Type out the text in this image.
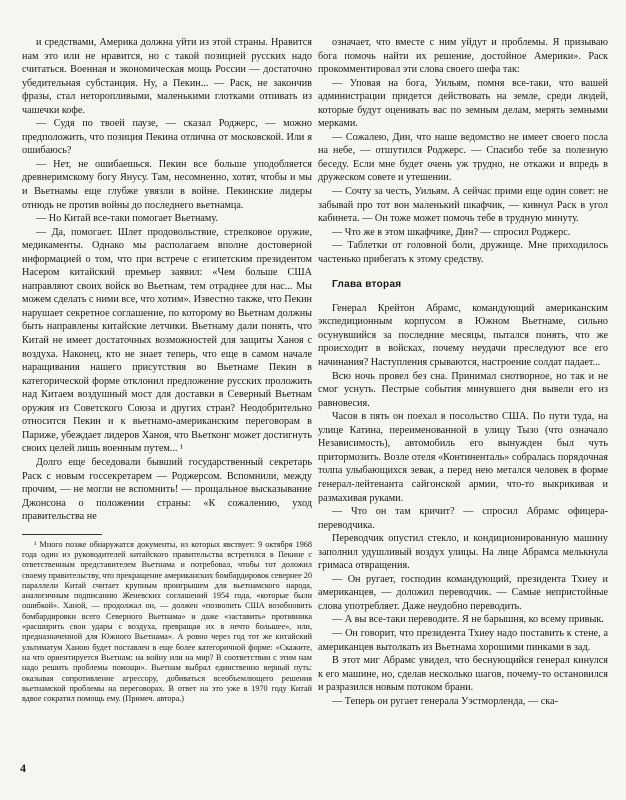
и средствами, Америка должна уйти из этой страны. Нравится нам это или не нравится, но с такой позицией русских надо считаться. Военная и экономическая мощь России — достаточно убедительная субстанция. Ну, а Пекин... — Раск, не закончив фразы, стал неторопливыми, маленькими глотками отпивать из чашечки кофе.

— Судя по твоей паузе, — сказал Роджерс, — можно предположить, что позиция Пекина отлична от московской. Или я ошибаюсь?

— Нет, не ошибаешься. Пекин все больше уподобляется древнеримскому богу Янусу. Там, несомненно, хотят, чтобы и мы и Вьетнамы еще глубже увязли в войне. Пекинские лидеры отнюдь не против войны до последнего вьетнамца.

— Но Китай все-таки помогает Вьетнаму.

— Да, помогает. Шлет продовольствие, стрелковое оружие, медикаменты. Однако мы располагаем вполне достоверной информацией о том, что при встрече с египетским президентом Насером китайский премьер заявил: «Чем больше США направляют своих войск во Вьетнам, тем отраднее для нас... Мы можем сделать с ними все, что хотим». Известно также, что Пекин нарушает секретное соглашение, по которому во Вьетнам должны быть направлены китайские летчики. Вьетнаму дали понять, что Китай не имеет достаточных возможностей для защиты Ханоя с воздуха. Наконец, кто не знает теперь, что еще в самом начале наращивания нашего присутствия во Вьетнаме Пекин в категорической форме отклонил предложение русских проложить над Китаем воздушный мост для доставки в Северный Вьетнам оружия из Советского Союза и других стран? Неодобрительно относится Пекин и к вьетнамо-американским переговорам в Париже, убеждает лидеров Ханоя, что Вьетконг может достигнуть своих целей лишь военным путем... ¹

Долго еще беседовали бывший государственный секретарь Раск с новым госсекретарем — Роджерсом. Вспомнили, между прочим, — не могли не вспомнить! — прощальное высказывание Джонсона о положении страны: «К сожалению, уход правительства не

¹ Много позже обнаружатся документы, из которых явствует: 9 октября 1968 года один из руководителей китайского правительства встретился в Пекине с ответственным представителем Вьетнама и потребовал, чтобы тот доложил своему правительству, что прекращение американских бомбардировок севернее 20 параллели Китай считает крупным проигрышем для вьетнамского народа, аналогичным подписанию Женевских соглашений 1954 года, «которые были ошибкой». Ханой, — продолжал он, — должен «позволить США возобновить бомбардировки всего Северного Вьетнама» и даже «заставить» противника «расширить свои удары с воздуха, превращая их в нечто большее», или, предназначенной для Южного Вьетнама». А ровно через год тот же китайский ультиматум Ханою будет поставлен в еще более категоричной форме: «Скажите, на что ориентируется Вьетнам: на войну или на мир? В соответствии с этим нам надо решить проблемы помощи». Вьетнам выбрал единственно верный путь: оказывая сопротивление агрессору, добиваться всеобъемлющего решения вьетнамской проблемы на переговорах. В ответ на это уже в 1970 году Китай вдвое сократил помощь ему. (Примеч. автора.)

означает, что вместе с ним уйдут и проблемы. Я призываю бога помочь найти их решение, достойное Америки». Раск прокомментировал эти слова своего шефа так:

— Уповая на бога, Уильям, помня все-таки, что вашей администрации придется действовать на земле, среди людей, которые будут оценивать вас по земным делам, мерять земными мерками.

— Сожалею, Дин, что наше ведомство не имеет своего посла на небе, — отшутился Роджерс. — Спасибо тебе за полезную беседу. Если мне будет очень уж трудно, не откажи и впредь в дружеском совете и утешении.

— Сочту за честь, Уильям. А сейчас прими еще один совет: не забывай про тот вон маленький шкафчик, — кивнул Раск в угол кабинета. — Он тоже может помочь тебе в трудную минуту.

— Что же в этом шкафчике, Дин? — спросил Роджерс.

— Таблетки от головной боли, дружище. Мне приходилось частенько прибегать к этому средству.

Глава вторая

Генерал Крейтон Абрамс, командующий американским экспедиционным корпусом в Южном Вьетнаме, сильно осунувшийся за последние месяцы, пытался понять, что же происходит в войсках, почему неудачи преследуют все его начинания? Наступления срываются, настроение солдат падает...

Всю ночь провел без сна. Принимал снотворное, но так и не смог уснуть. Пестрые события минувшего дня вывели его из равновесия.

Часов в пять он поехал в посольство США. По пути туда, на улице Катина, переименованной в улицу Тызо (что означало Независимость), автомобиль его вынужден был чуть притормозить. Возле отеля «Континенталь» собралась порядочная толпа улыбающихся зевак, а перед нею метался человек в форме генерал-лейтенанта сайгонской армии, что-то выкрикивая и размахивая руками.

— Что он там кричит? — спросил Абрамс офицера-переводчика.

Переводчик опустил стекло, и кондиционированную машину заполнил удушливый воздух улицы. На лице Абрамса мелькнула гримаса отвращения.

— Он ругает, господин командующий, президента Тхиеу и американцев, — доложил переводчик. — Самые непристойные слова употребляет. Даже неудобно переводить.

— А вы все-таки переводите. Я не барышня, ко всему привык.

— Он говорит, что президента Тхиеу надо поставить к стене, а американцев вытолкать из Вьетнама хорошими пинками в зад.

В этот миг Абрамс увидел, что беснующийся генерал кинулся к его машине, но, сделав несколько шагов, почему-то остановился и разразился новым потоком брани.

— Теперь он ругает генерала Уэстморленда, — ска-

4
